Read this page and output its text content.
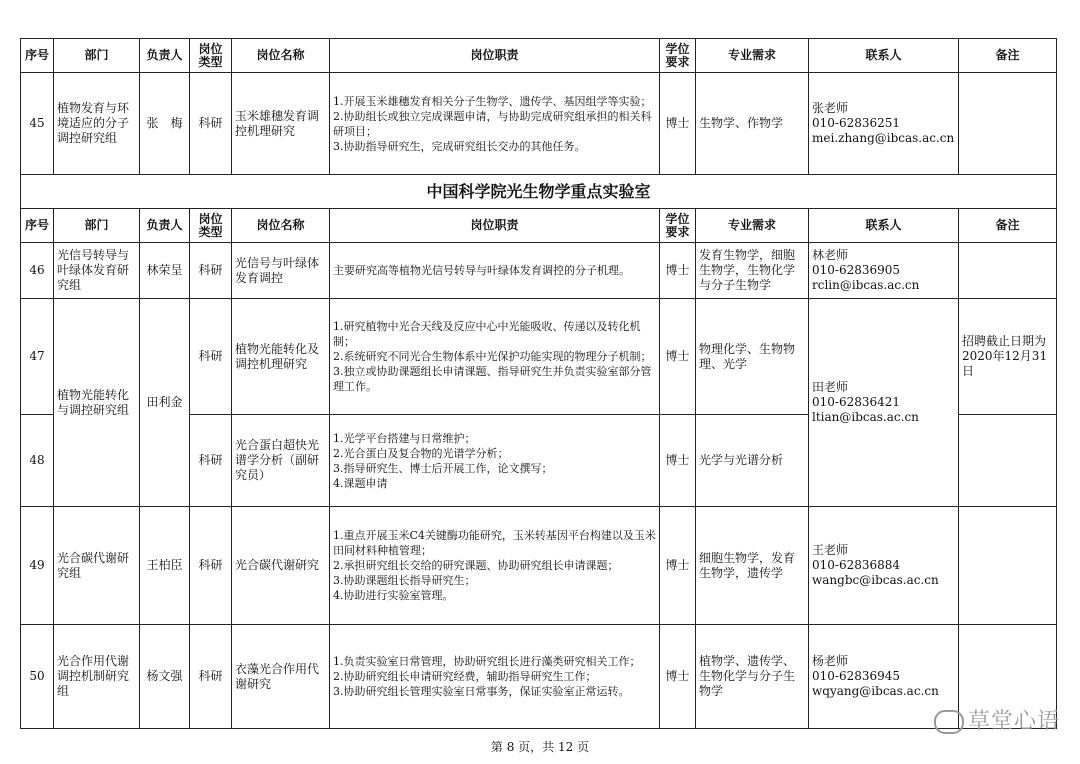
序号	部门	负责人	岗位
类型	岗位名称	岗位职责	学位
要求	专业需求	联系人	备注
45	植物发育与环境适应的分子调控研究组	张　梅	科研	玉米雄穗发育调控机理研究	1.开展玉米雄穗发育相关分子生物学、遗传学、基因组学等实验；
2.协助组长或独立完成课题申请，与协助完成研究组承担的相关科研项目；
3.协助指导研究生，完成研究组长交办的其他任务。	博士	生物学、作物学	张老师
010-62836251
mei.zhang@ibcas.ac.cn	
中国科学院光生物学重点实验室									
序号	部门	负责人	岗位
类型	岗位名称	岗位职责	学位
要求	专业需求	联系人	备注
46	光信号转导与叶绿体发育研究组	林荣呈	科研	光信号与叶绿体发育调控	主要研究高等植物光信号转导与叶绿体发育调控的分子机理。	博士	发育生物学，细胞生物学，生物化学与分子生物学	林老师
010-62836905
rclin@ibcas.ac.cn	
47	植物光能转化与调控研究组	田利金	科研	植物光能转化及调控机理研究	1.研究植物中光合天线及反应中心中光能吸收、传递以及转化机制；
2.系统研究不同光合生物体系中光保护功能实现的物理分子机制；
3.独立或协助课题组长申请课题、指导研究生并负责实验室部分管理工作。	博士	物理化学、生物物理、光学	田老师
010-62836421
ltian@ibcas.ac.cn	招聘截止日期为2020年12月31日
48			科研	光合蛋白超快光谱学分析（副研究员）	1.光学平台搭建与日常维护；
2.光合蛋白及复合物的光谱学分析；
3.指导研究生、博士后开展工作，论文撰写；
4.课题申请	博士	光学与光谱分析		
49	光合碳代谢研究组	王柏臣	科研	光合碳代谢研究	1.重点开展玉米C4关键酶功能研究，玉米转基因平台构建以及玉米田间材料种植管理；
2.承担研究组长交给的研究课题、协助研究组长申请课题；
3.协助课题组长指导研究生；
4.协助进行实验室管理。	博士	细胞生物学，发育生物学，遗传学	王老师
010-62836884
wangbc@ibcas.ac.cn	
50	光合作用代谢调控机制研究组	杨文强	科研	衣藻光合作用代谢研究	1.负责实验室日常管理，协助研究组长进行藻类研究相关工作；
2.协助研究组长申请研究经费，辅助指导研究生工作；
3.协助研究组长管理实验室日常事务，保证实验室正常运转。	博士	植物学、遗传学、生物化学与分子生物学	杨老师
010-62836945
wqyang@ibcas.ac.cn	
草堂心语
第 8 页，共 12 页
